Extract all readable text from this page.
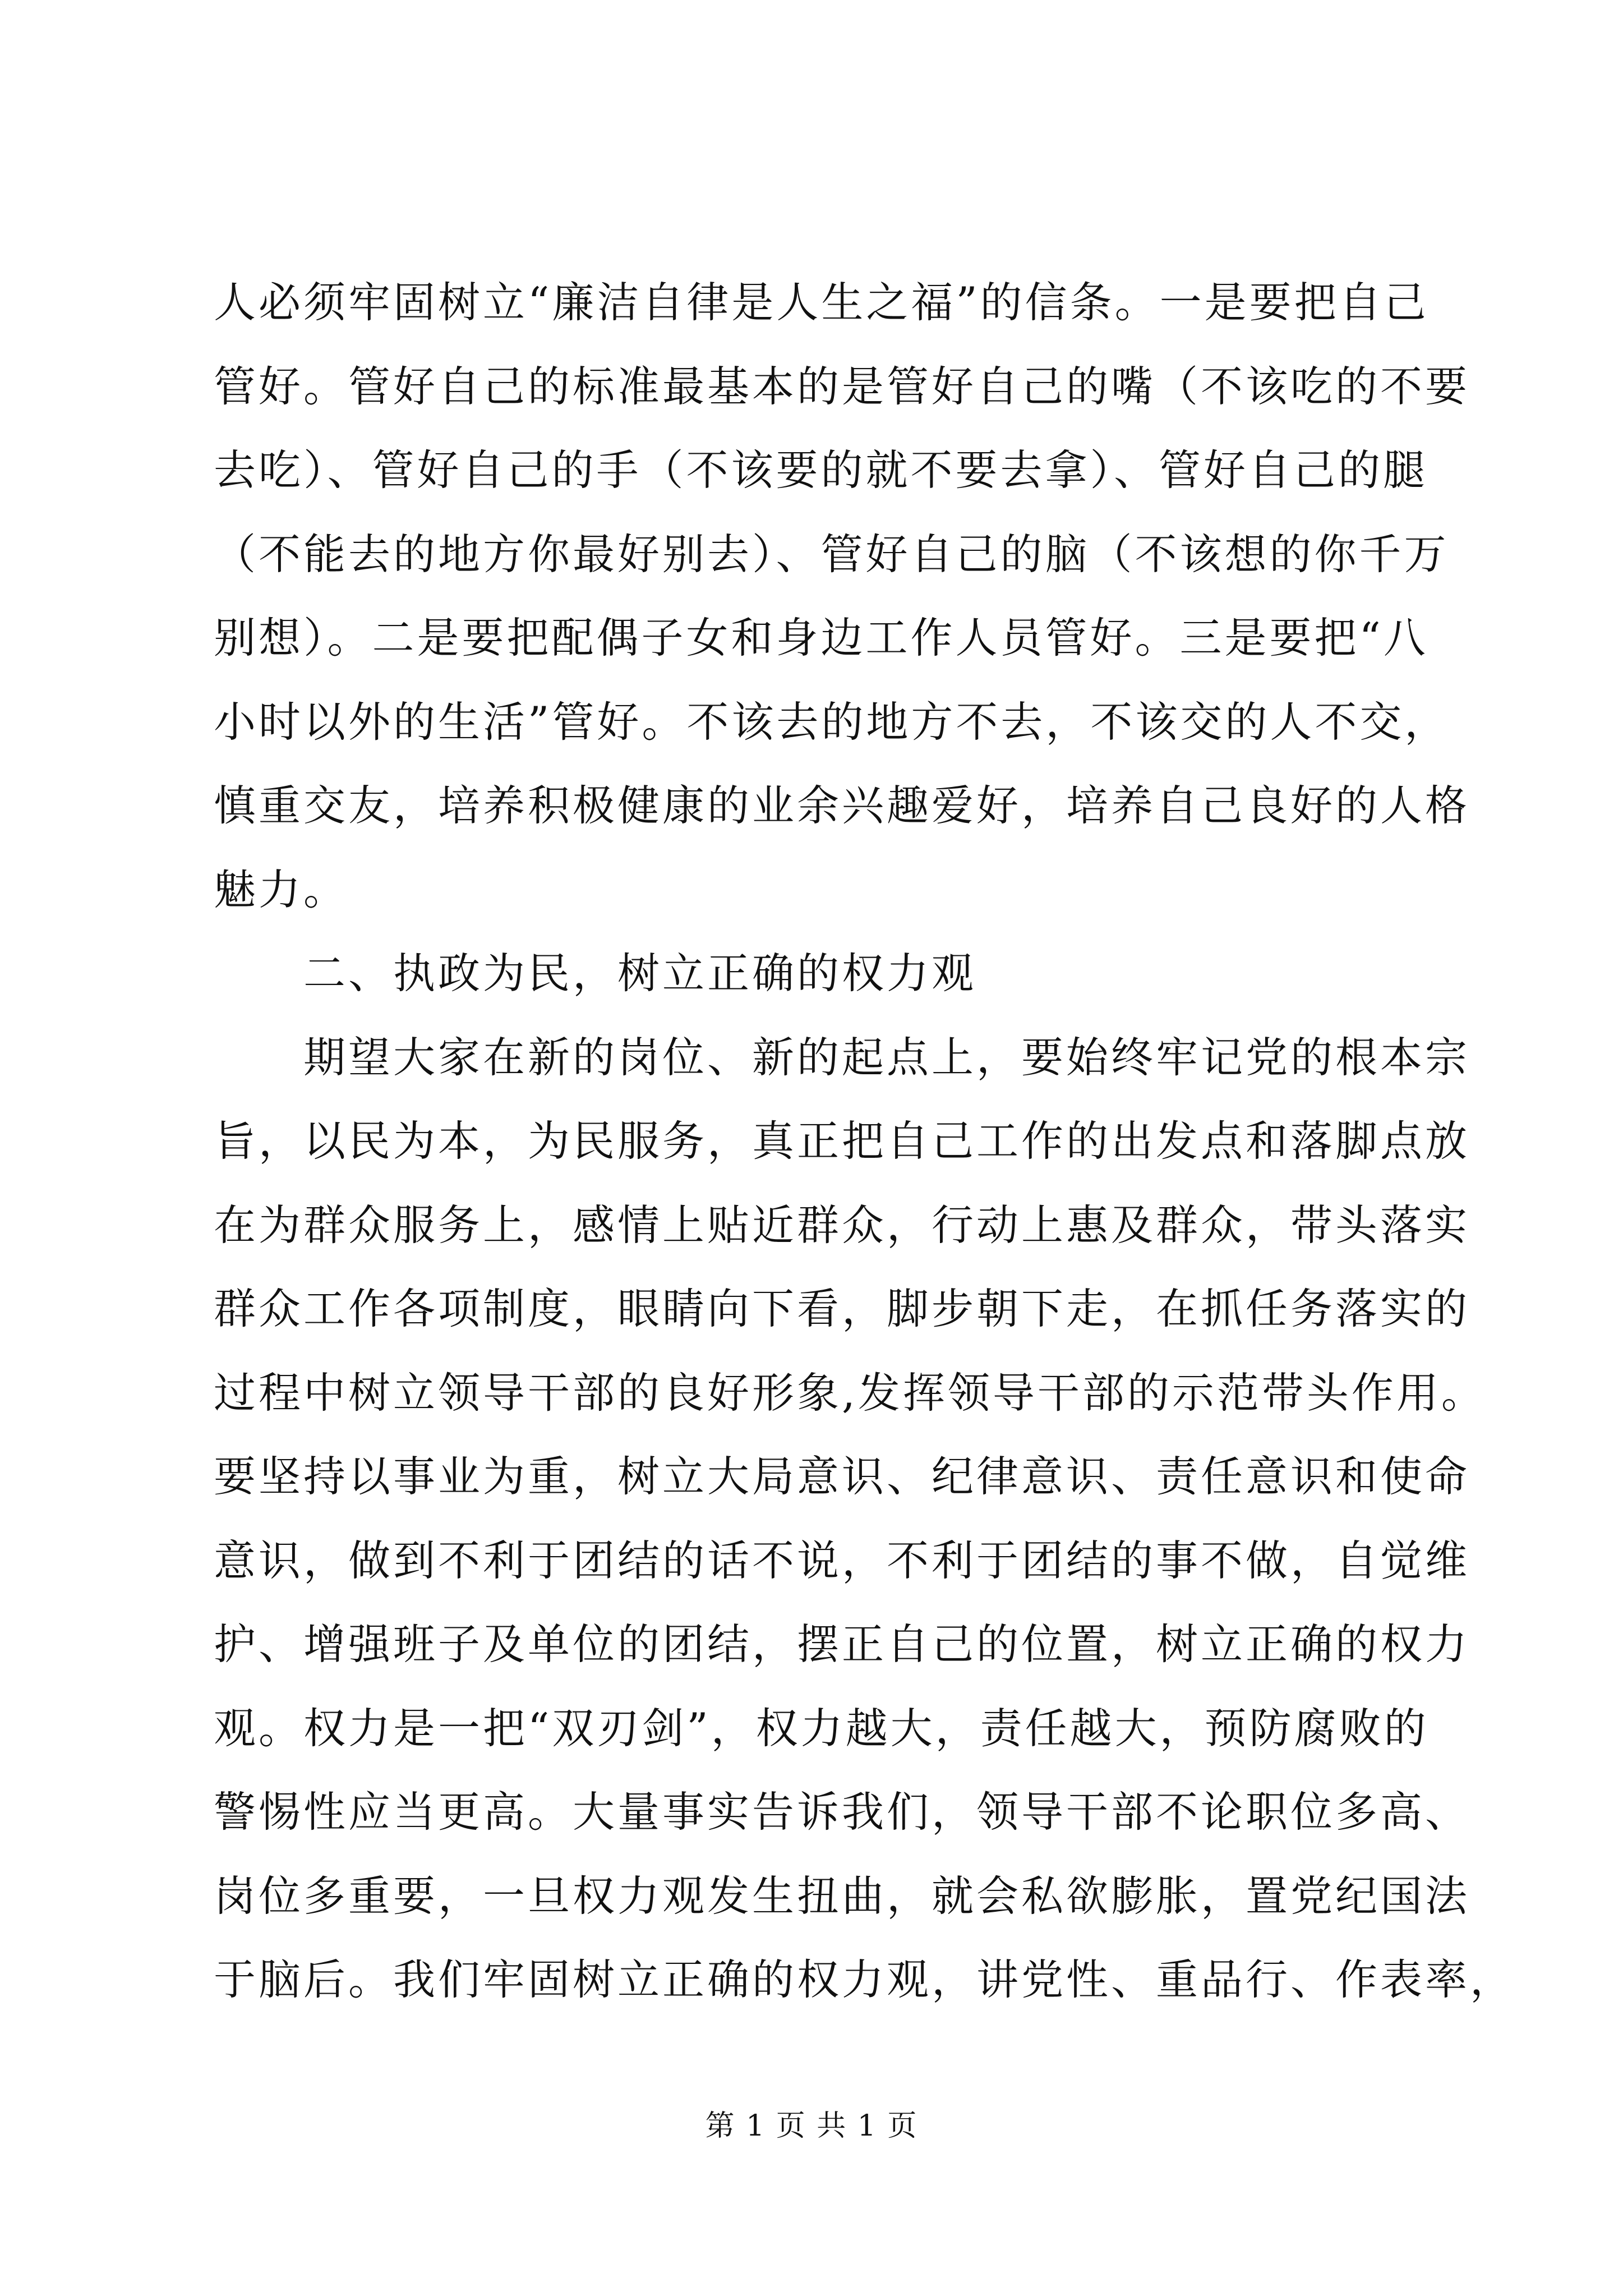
人必须牢固树立“廉洁自律是人生之福”的信条。一是要把自己
管好。管好自己的标准最基本的是管好自己的嘴（不该吃的不要
去吃）、管好自己的手（不该要的就不要去拿）、管好自己的腿
（不能去的地方你最好别去）、管好自己的脑（不该想的你千万
别想）。二是要把配偶子女和身边工作人员管好。三是要把“八
小时以外的生活”管好。不该去的地方不去，不该交的人不交，
慎重交友，培养积极健康的业余兴趣爱好，培养自己良好的人格
魅力。
二、执政为民，树立正确的权力观
期望大家在新的岗位、新的起点上，要始终牢记党的根本宗
旨，以民为本，为民服务，真正把自己工作的出发点和落脚点放
在为群众服务上，感情上贴近群众，行动上惠及群众，带头落实
群众工作各项制度，眼睛向下看，脚步朝下走，在抓任务落实的
过程中树立领导干部的良好形象,发挥领导干部的示范带头作用。
要坚持以事业为重，树立大局意识、纪律意识、责任意识和使命
意识，做到不利于团结的话不说，不利于团结的事不做，自觉维
护、增强班子及单位的团结，摆正自己的位置，树立正确的权力
观。权力是一把“双刃剑”，权力越大，责任越大，预防腐败的
警惕性应当更高。大量事实告诉我们，领导干部不论职位多高、
岗位多重要，一旦权力观发生扭曲，就会私欲膨胀，置党纪国法
于脑后。我们牢固树立正确的权力观，讲党性、重品行、作表率，
第 1 页 共 1 页
